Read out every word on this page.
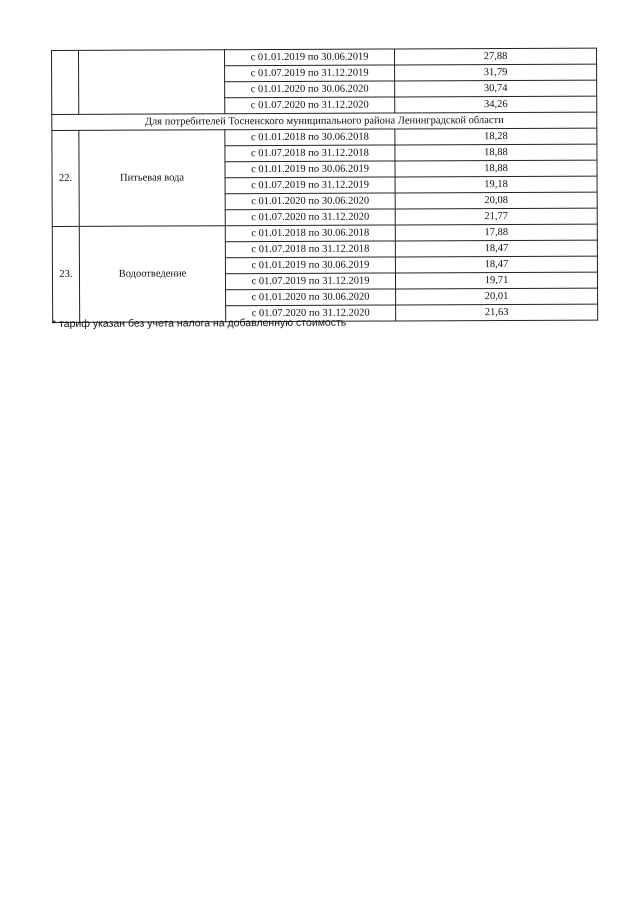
		с 01.01.2019 по 30.06.2019	27,88
		с 01.07.2019 по 31.12.2019	31,79
		с 01.01.2020 по 30.06.2020	30,74
		с 01.07.2020 по 31.12.2020	34,26
Для потребителей Тосненского муниципального района Ленинградской области			
22.	Питьевая вода	с 01.01.2018 по 30.06.2018	18,28
		с 01.07.2018 по 31.12.2018	18,88
		с 01.01.2019 по 30.06.2019	18,88
		с 01.07.2019 по 31.12.2019	19,18
		с 01.01.2020 по 30.06.2020	20,08
		с 01.07.2020 по 31.12.2020	21,77
23.	Водоотведение	с 01.01.2018 по 30.06.2018	17,88
		с 01.07.2018 по 31.12.2018	18,47
		с 01.01.2019 по 30.06.2019	18,47
		с 01.07.2019 по 31.12.2019	19,71
		с 01.01.2020 по 30.06.2020	20,01
		с 01.07.2020 по 31.12.2020	21,63
* тариф указан без учета налога на добавленную стоимость
